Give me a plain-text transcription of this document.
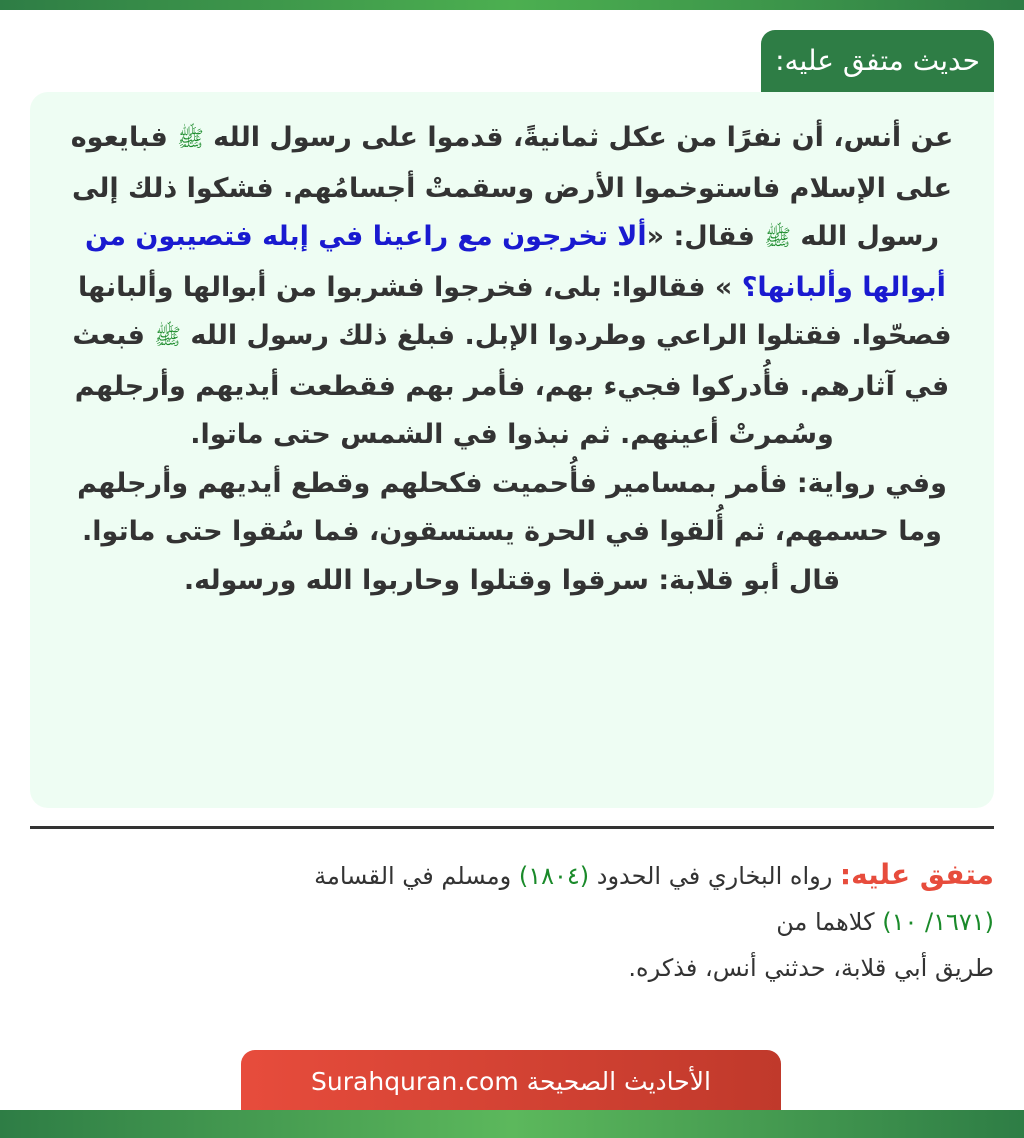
حديث متفق عليه:

عن أنس، أن نفرًا من عكل ثمانيةً، قدموا على رسول الله ﷺ فبايعوه على الإسلام فاستوخموا الأرض وسقمتْ أجسامُهم. فشكوا ذلك إلى رسول الله ﷺ فقال: «ألا تخرجون مع راعينا في إبله فتصيبون من أبوالها وألبانها؟ » فقالوا: بلى، فخرجوا فشربوا من أبوالها وألبانها فصحّوا. فقتلوا الراعي وطردوا الإبل. فبلغ ذلك رسول الله ﷺ فبعث في آثارهم. فأُدركوا فجيء بهم، فأمر بهم فقطعت أيديهم وأرجلهم وسُمرتْ أعينهم. ثم نبذوا في الشمس حتى ماتوا.

وفي رواية: فأمر بمسامير فأُحميت فكحلهم وقطع أيديهم وأرجلهم وما حسمهم، ثم أُلقوا في الحرة يستسقون، فما سُقوا حتى ماتوا.

قال أبو قلابة: سرقوا وقتلوا وحاربوا الله ورسوله.

متفق عليه: رواه البخاري في الحدود (١٨٠٤) ومسلم في القسامة
(١٦٧١/ ١٠) كلاهما من
طريق أبي قلابة، حدثني أنس، فذكره.
الأحاديث الصحيحة Surahquran.com
